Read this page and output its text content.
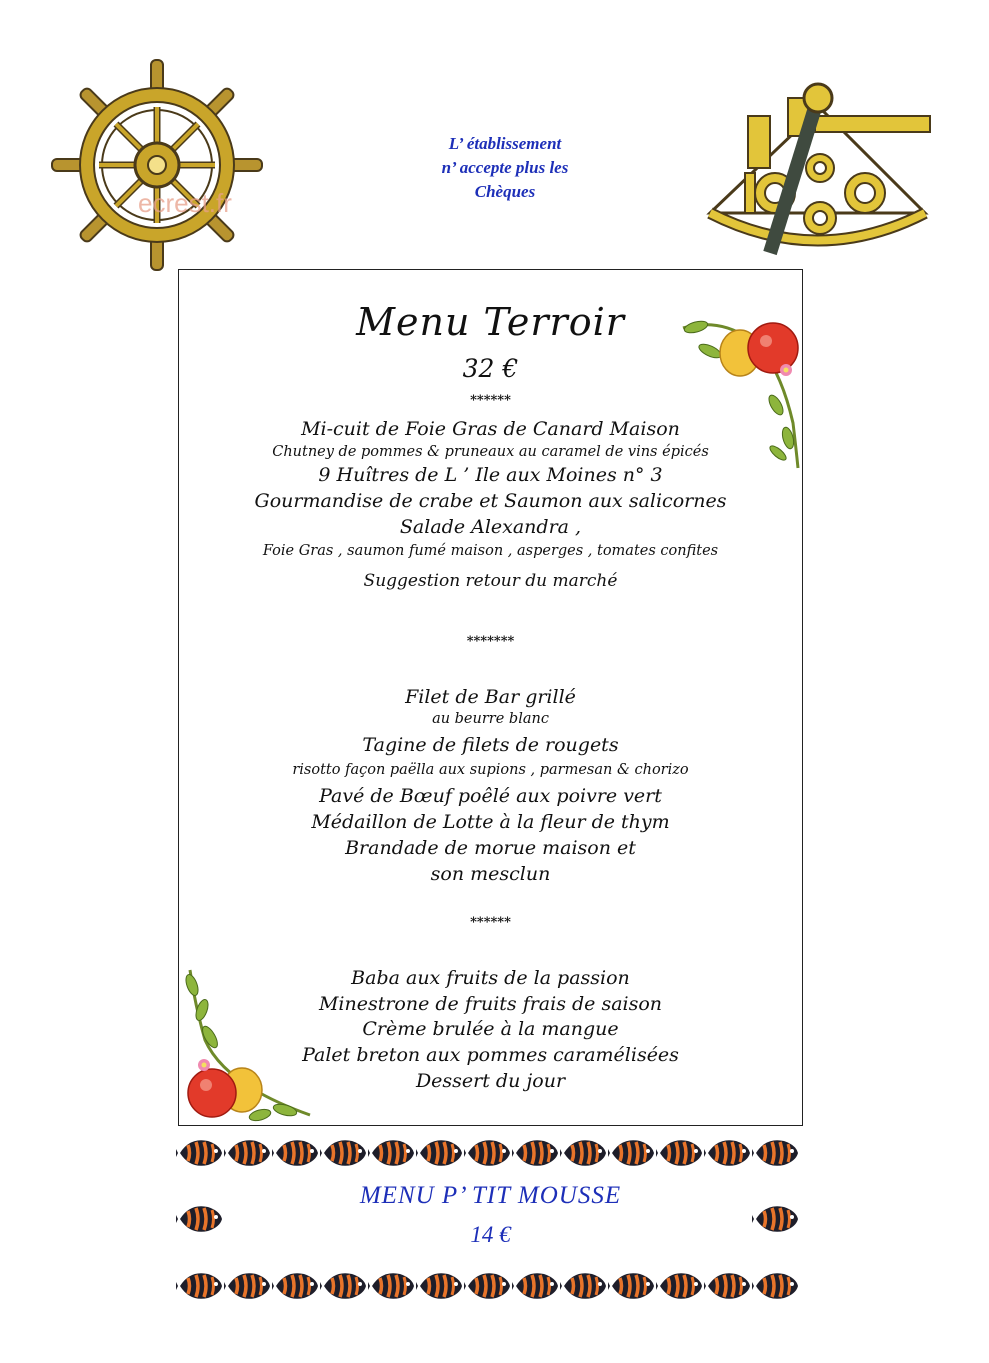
L’ établissement
n’ accepte plus les
Chèques
ecrest.fr
Menu Terroir
32 €
******
Mi-cuit de Foie Gras de Canard Maison
Chutney de pommes & pruneaux au caramel de vins épicés
9 Huîtres de L ’ Ile aux Moines n° 3
Gourmandise de crabe et Saumon aux salicornes
Salade Alexandra ,
Foie Gras , saumon fumé maison , asperges , tomates confites
Suggestion retour du marché
*******
Filet de Bar grillé
au beurre blanc
Tagine de filets de rougets
risotto façon paëlla aux supions , parmesan & chorizo
Pavé de Bœuf poêlé aux poivre vert
Médaillon de Lotte à la fleur de thym
Brandade de morue maison et
son mesclun
******
Baba aux fruits de la passion
Minestrone de fruits frais de saison
Crème brulée à la mangue
Palet breton aux pommes caramélisées
Dessert du jour
MENU P’ TIT MOUSSE
14 €
